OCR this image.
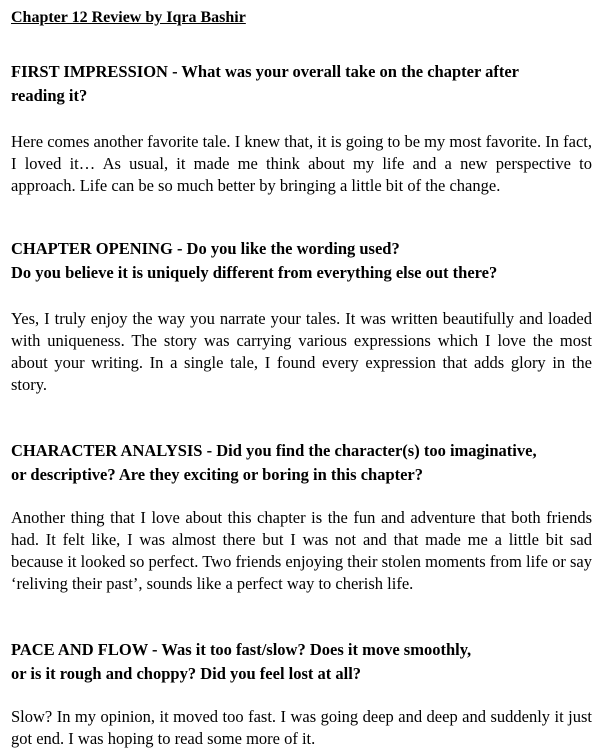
Chapter 12 Review by Iqra Bashir

FIRST IMPRESSION - What was your overall take on the chapter after
reading it?

Here comes another favorite tale. I knew that, it is going to be my most favorite. In fact, I loved it… As usual, it made me think about my life and a new perspective to approach. Life can be so much better by bringing a little bit of the change.

CHAPTER OPENING - Do you like the wording used?
Do you believe it is uniquely different from everything else out there?

Yes, I truly enjoy the way you narrate your tales. It was written beautifully and loaded with uniqueness. The story was carrying various expressions which I love the most about your writing. In a single tale, I found every expression that adds glory in the story.

CHARACTER ANALYSIS - Did you find the character(s) too imaginative,
or descriptive? Are they exciting or boring in this chapter?

Another thing that I love about this chapter is the fun and adventure that both friends had. It felt like, I was almost there but I was not and that made me a little bit sad because it looked so perfect. Two friends enjoying their stolen moments from life or say ‘reliving their past’, sounds like a perfect way to cherish life.

PACE AND FLOW - Was it too fast/slow? Does it move smoothly,
or is it rough and choppy? Did you feel lost at all?

Slow? In my opinion, it moved too fast. I was going deep and deep and suddenly it just got end. I was hoping to read some more of it.
